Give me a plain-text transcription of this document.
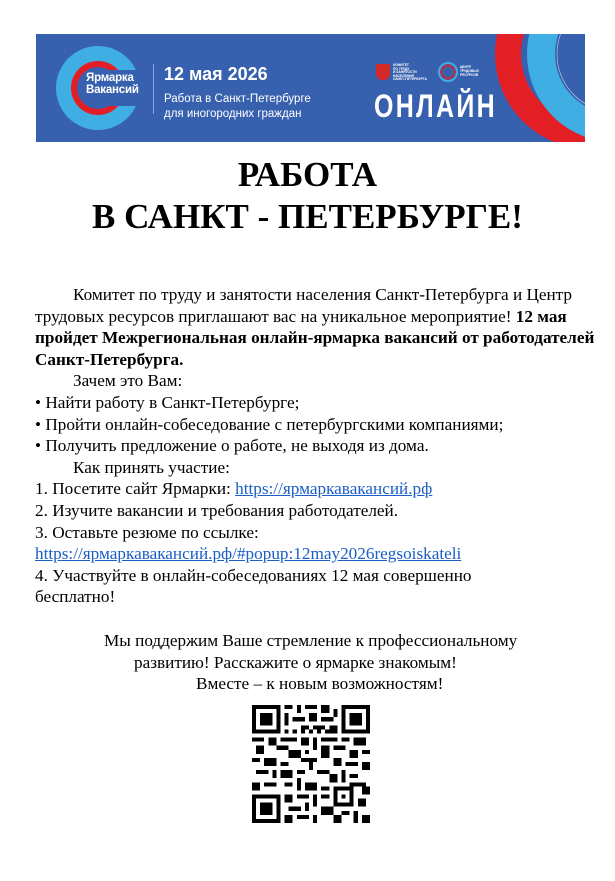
Ярмарка
Вакансий
12 мая 2026
Работа в Санкт-Петербурге
для иногородних граждан
КОМИТЕТ
ПО ТРУДУ
И ЗАНЯТОСТИ
НАСЕЛЕНИЯ
САНКТ-ПЕТЕРБУРГА
ЦЕНТР
ТРУДОВЫХ
РЕСУРСОВ
ОНЛАЙН
РАБОТА
В САНКТ - ПЕТЕРБУРГЕ!

Комитет по труду и занятости населения Санкт-Петербурга и Центр трудовых ресурсов приглашают вас на уникальное мероприятие! 12 мая пройдет Межрегиональная онлайн-ярмарка вакансий от работодателей Санкт-Петербурга.

Зачем это Вам:

• Найти работу в Санкт-Петербурге;

• Пройти онлайн-собеседование с петербургскими компаниями;

• Получить предложение о работе, не выходя из дома.

Как принять участие:

1. Посетите сайт Ярмарки: https://ярмаркавакансий.рф

2. Изучите вакансии и требования работодателей.

3. Оставьте резюме по ссылке:

https://ярмаркавакансий.рф/#popup:12may2026regsoiskateli

4. Участвуйте в онлайн-собеседованиях 12 мая совершенно бесплатно!

Мы поддержим Ваше стремление к профессиональному

развитию! Расскажите о ярмарке знакомым!

Вместе – к новым возможностям!
